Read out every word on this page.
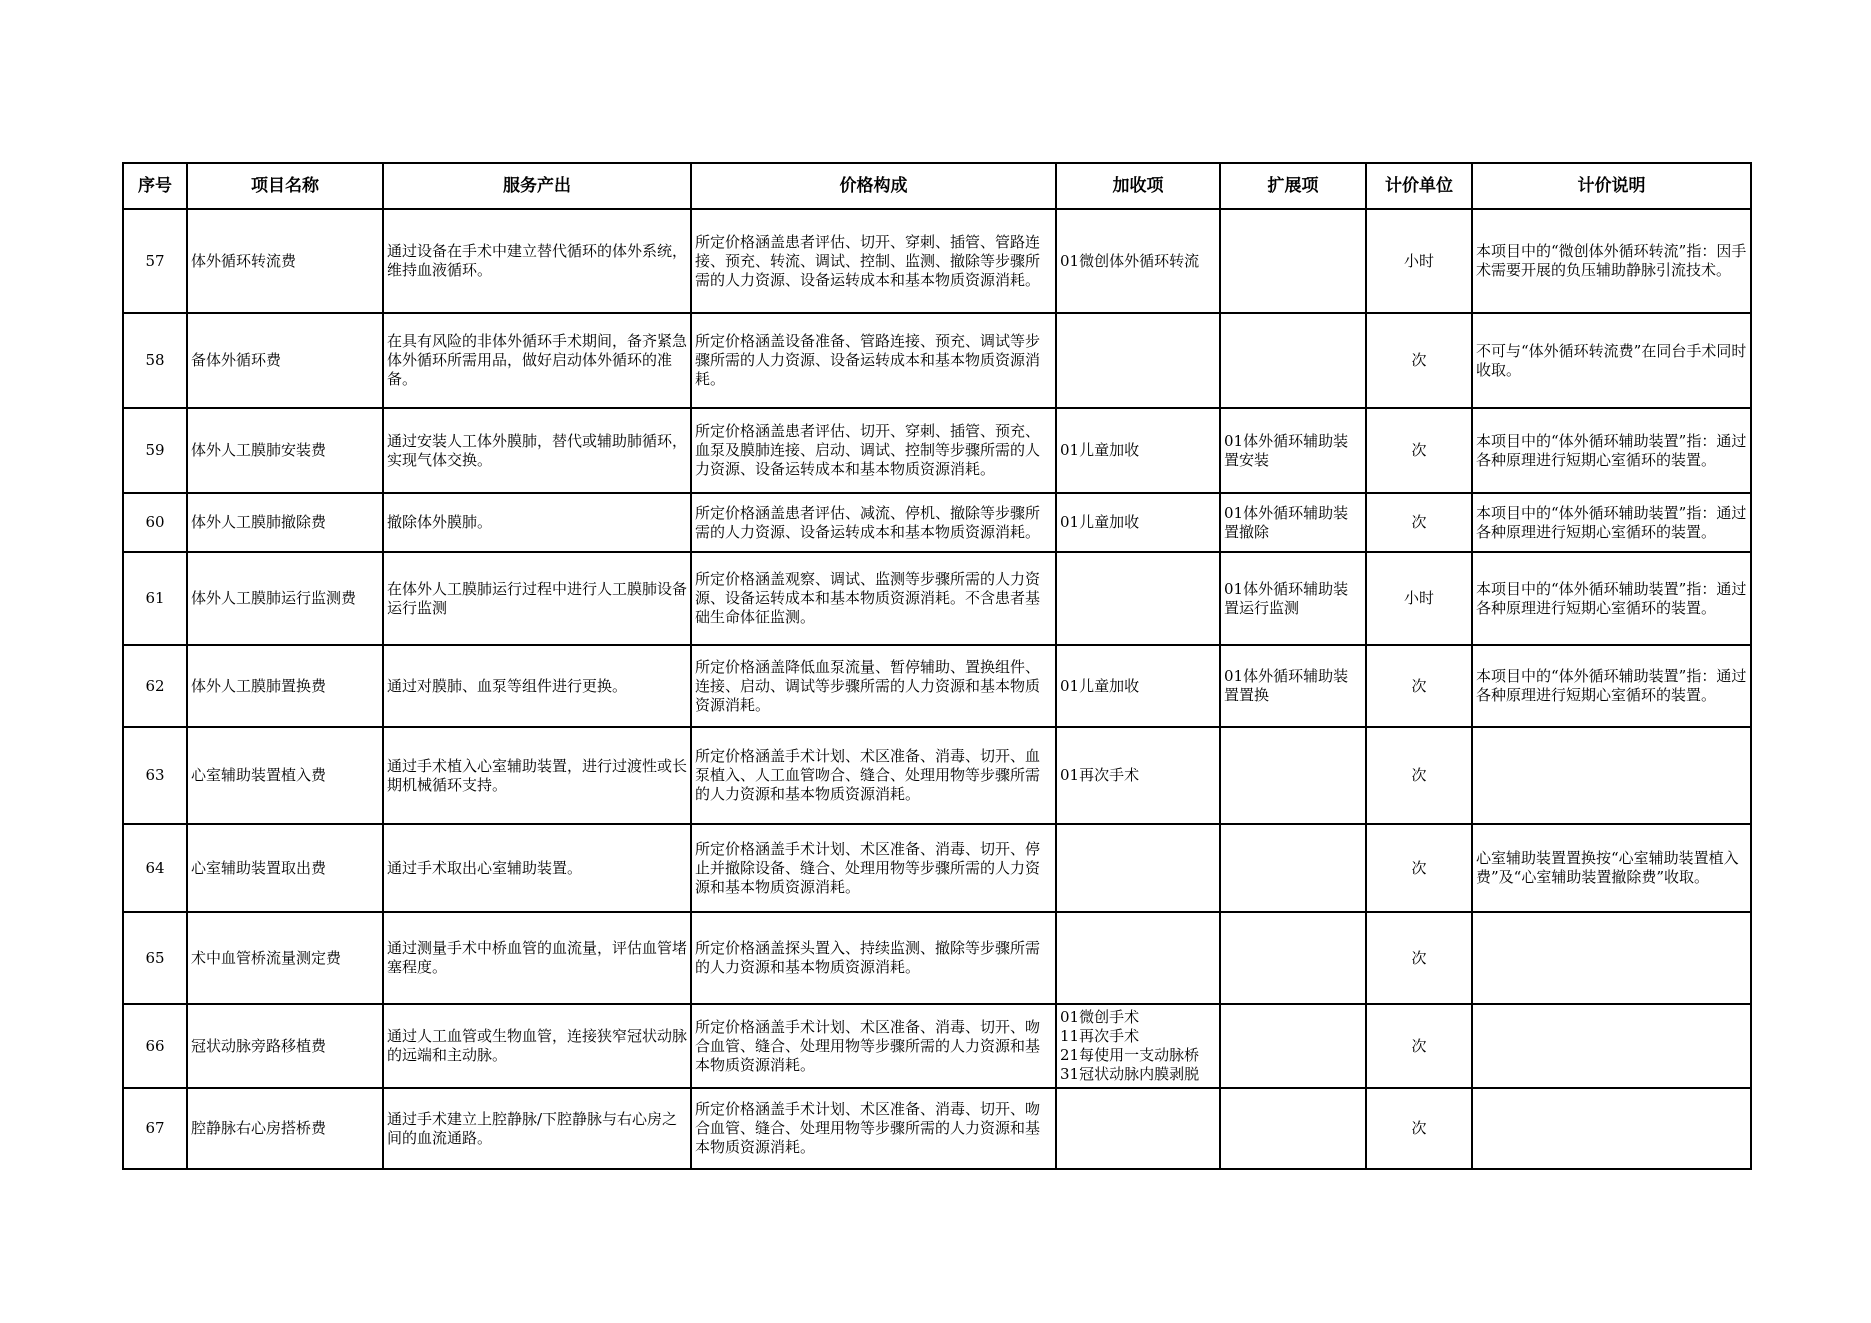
序号	项目名称	服务产出	价格构成	加收项	扩展项	计价单位	计价说明
57	体外循环转流费	通过设备在手术中建立替代循环的体外系统，维持血液循环。	所定价格涵盖患者评估、切开、穿刺、插管、管路连接、预充、转流、调试、控制、监测、撤除等步骤所需的人力资源、设备运转成本和基本物质资源消耗。	01微创体外循环转流		小时	本项目中的“微创体外循环转流”指：因手术需要开展的负压辅助静脉引流技术。
58	备体外循环费	在具有风险的非体外循环手术期间，备齐紧急体外循环所需用品，做好启动体外循环的准备。	所定价格涵盖设备准备、管路连接、预充、调试等步骤所需的人力资源、设备运转成本和基本物质资源消耗。			次	不可与“体外循环转流费”在同台手术同时收取。
59	体外人工膜肺安装费	通过安装人工体外膜肺，替代或辅助肺循环，实现气体交换。	所定价格涵盖患者评估、切开、穿刺、插管、预充、血泵及膜肺连接、启动、调试、控制等步骤所需的人力资源、设备运转成本和基本物质资源消耗。	01儿童加收	01体外循环辅助装置安装	次	本项目中的“体外循环辅助装置”指：通过各种原理进行短期心室循环的装置。
60	体外人工膜肺撤除费	撤除体外膜肺。	所定价格涵盖患者评估、减流、停机、撤除等步骤所需的人力资源、设备运转成本和基本物质资源消耗。	01儿童加收	01体外循环辅助装置撤除	次	本项目中的“体外循环辅助装置”指：通过各种原理进行短期心室循环的装置。
61	体外人工膜肺运行监测费	在体外人工膜肺运行过程中进行人工膜肺设备运行监测	所定价格涵盖观察、调试、监测等步骤所需的人力资源、设备运转成本和基本物质资源消耗。不含患者基础生命体征监测。		01体外循环辅助装置运行监测	小时	本项目中的“体外循环辅助装置”指：通过各种原理进行短期心室循环的装置。
62	体外人工膜肺置换费	通过对膜肺、血泵等组件进行更换。	所定价格涵盖降低血泵流量、暂停辅助、置换组件、连接、启动、调试等步骤所需的人力资源和基本物质资源消耗。	01儿童加收	01体外循环辅助装置置换	次	本项目中的“体外循环辅助装置”指：通过各种原理进行短期心室循环的装置。
63	心室辅助装置植入费	通过手术植入心室辅助装置，进行过渡性或长期机械循环支持。	所定价格涵盖手术计划、术区准备、消毒、切开、血泵植入、人工血管吻合、缝合、处理用物等步骤所需的人力资源和基本物质资源消耗。	01再次手术		次	
64	心室辅助装置取出费	通过手术取出心室辅助装置。	所定价格涵盖手术计划、术区准备、消毒、切开、停止并撤除设备、缝合、处理用物等步骤所需的人力资源和基本物质资源消耗。			次	心室辅助装置置换按“心室辅助装置植入费”及“心室辅助装置撤除费”收取。
65	术中血管桥流量测定费	通过测量手术中桥血管的血流量，评估血管堵塞程度。	所定价格涵盖探头置入、持续监测、撤除等步骤所需的人力资源和基本物质资源消耗。			次	
66	冠状动脉旁路移植费	通过人工血管或生物血管，连接狭窄冠状动脉的远端和主动脉。	所定价格涵盖手术计划、术区准备、消毒、切开、吻合血管、缝合、处理用物等步骤所需的人力资源和基本物质资源消耗。	01微创手术
11再次手术
21每使用一支动脉桥
31冠状动脉内膜剥脱		次	
67	腔静脉右心房搭桥费	通过手术建立上腔静脉/下腔静脉与右心房之间的血流通路。	所定价格涵盖手术计划、术区准备、消毒、切开、吻合血管、缝合、处理用物等步骤所需的人力资源和基本物质资源消耗。			次	
